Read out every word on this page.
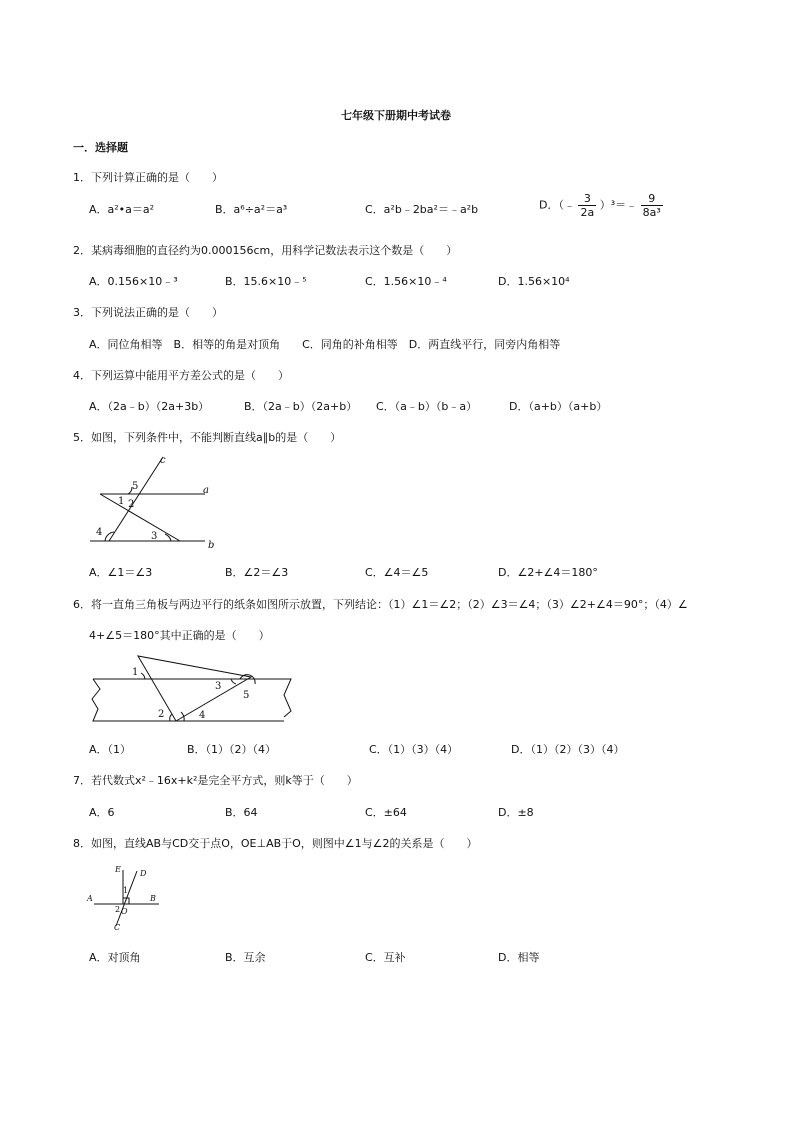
七年级下册期中考试卷
一．选择题
1．下列计算正确的是（　　）
A．a²•a＝a²	B．a⁶÷a²＝a³	C．a²b﹣2ba²＝﹣a²b	D．（﹣ $\frac{3}{2a}$ ）³＝﹣ $\frac{9}{\text{8a³}}$
2．某病毒细胞的直径约为0.000156cm，用科学记数法表示这个数是（　　）
A．0.156×10﹣³	B．15.6×10﹣⁵	C．1.56×10﹣⁴	D．1.56×10⁴
3．下列说法正确的是（　　）
A．同位角相等　B．相等的角是对顶角　　C．同角的补角相等　D．两直线平行，同旁内角相等
4．下列运算中能用平方差公式的是（　　）
A．（2a﹣b）（2a+3b）	B．（2a﹣b）（2a+b） C．（a﹣b）（b﹣a）	D．（a+b）（a+b）
5．如图，下列条件中，不能判断直线a∥b的是（　　）
c
a
b
5
1 2
4	3
A．∠1＝∠3	B．∠2＝∠3	C．∠4＝∠5	D．∠2+∠4＝180°
6．将一直角三角板与两边平行的纸条如图所示放置，下列结论：（1）∠1＝∠2；（2）∠3＝∠4；（3）∠2+∠4＝90°；（4）∠
4+∠5＝180°其中正确的是（　　）
1
2
3
4
5
A．（1）	B．（1）（2）（4）	C．（1）（3）（4）	D．（1）（2）（3）（4）
7．若代数式x²﹣16x+k²是完全平方式，则k等于（　　）
A．6	B．64	C．±64	D．±8
8．如图，直线AB与CD交于点O，OE⊥AB于O，则图中∠1与∠2的关系是（　　）
E D
A	B
O
C
1
2
A．对顶角	B．互余	C．互补	D．相等
